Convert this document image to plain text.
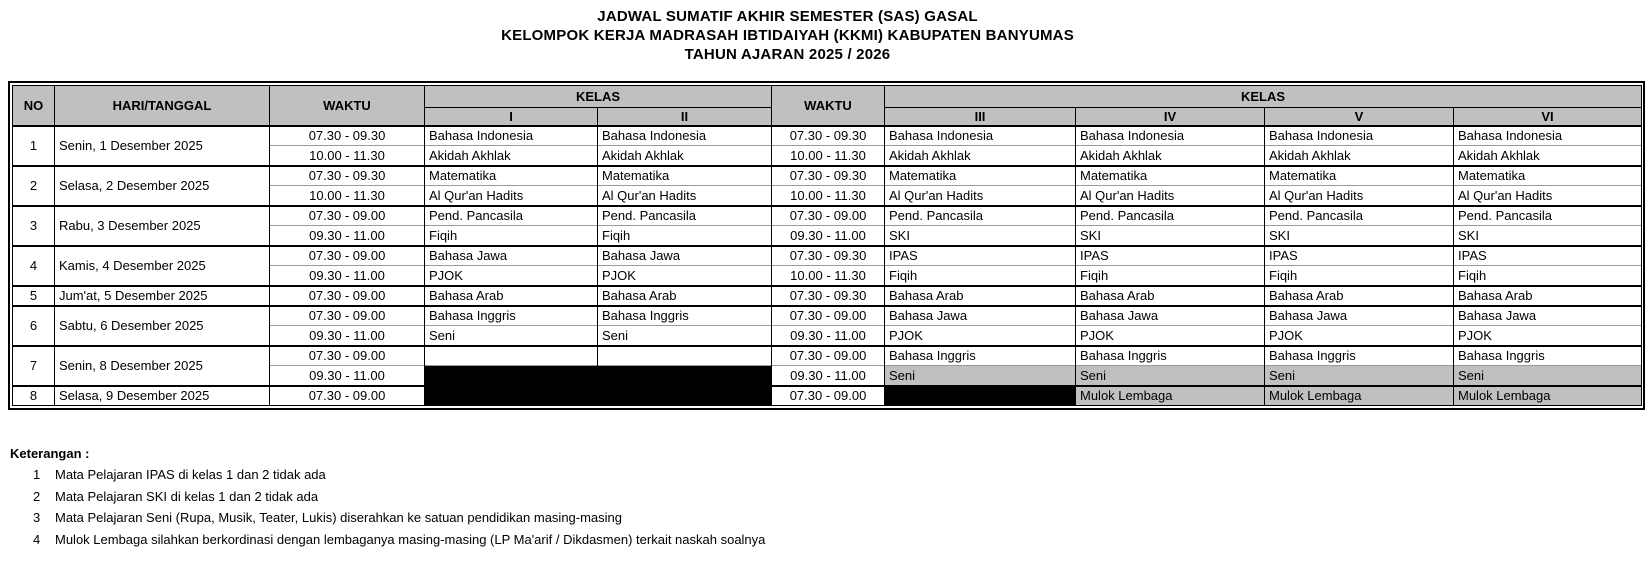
JADWAL SUMATIF AKHIR SEMESTER (SAS) GASAL
KELOMPOK KERJA MADRASAH IBTIDAIYAH (KKMI) KABUPATEN BANYUMAS
TAHUN AJARAN 2025 / 2026
NO	HARI/TANGGAL	WAKTU	KELAS		WAKTU	KELAS			
			I	II		III	IV	V	VI
1	Senin, 1 Desember 2025	07.30 - 09.30	Bahasa Indonesia	Bahasa Indonesia	07.30 - 09.30	Bahasa Indonesia	Bahasa Indonesia	Bahasa Indonesia	Bahasa Indonesia
		10.00 - 11.30	Akidah Akhlak	Akidah Akhlak	10.00 - 11.30	Akidah Akhlak	Akidah Akhlak	Akidah Akhlak	Akidah Akhlak
2	Selasa, 2 Desember 2025	07.30 - 09.30	Matematika	Matematika	07.30 - 09.30	Matematika	Matematika	Matematika	Matematika
		10.00 - 11.30	Al Qur'an Hadits	Al Qur'an Hadits	10.00 - 11.30	Al Qur'an Hadits	Al Qur'an Hadits	Al Qur'an Hadits	Al Qur'an Hadits
3	Rabu, 3 Desember 2025	07.30 - 09.00	Pend. Pancasila	Pend. Pancasila	07.30 - 09.00	Pend. Pancasila	Pend. Pancasila	Pend. Pancasila	Pend. Pancasila
		09.30 - 11.00	Fiqih	Fiqih	09.30 - 11.00	SKI	SKI	SKI	SKI
4	Kamis, 4 Desember 2025	07.30 - 09.00	Bahasa Jawa	Bahasa Jawa	07.30 - 09.30	IPAS	IPAS	IPAS	IPAS
		09.30 - 11.00	PJOK	PJOK	10.00 - 11.30	Fiqih	Fiqih	Fiqih	Fiqih
5	Jum'at, 5 Desember 2025	07.30 - 09.00	Bahasa Arab	Bahasa Arab	07.30 - 09.30	Bahasa Arab	Bahasa Arab	Bahasa Arab	Bahasa Arab
6	Sabtu, 6 Desember 2025	07.30 - 09.00	Bahasa Inggris	Bahasa Inggris	07.30 - 09.00	Bahasa Jawa	Bahasa Jawa	Bahasa Jawa	Bahasa Jawa
		09.30 - 11.00	Seni	Seni	09.30 - 11.00	PJOK	PJOK	PJOK	PJOK
7	Senin, 8 Desember 2025	07.30 - 09.00			07.30 - 09.00	Bahasa Inggris	Bahasa Inggris	Bahasa Inggris	Bahasa Inggris
		09.30 - 11.00			09.30 - 11.00	Seni	Seni	Seni	Seni
8	Selasa, 9 Desember 2025	07.30 - 09.00			07.30 - 09.00		Mulok Lembaga	Mulok Lembaga	Mulok Lembaga
Keterangan :
1 Mata Pelajaran IPAS di kelas 1 dan 2 tidak ada
2 Mata Pelajaran SKI di kelas 1 dan 2 tidak ada
3 Mata Pelajaran Seni (Rupa, Musik, Teater, Lukis) diserahkan ke satuan pendidikan masing-masing
4 Mulok Lembaga silahkan berkordinasi dengan lembaganya masing-masing (LP Ma'arif / Dikdasmen) terkait naskah soalnya
